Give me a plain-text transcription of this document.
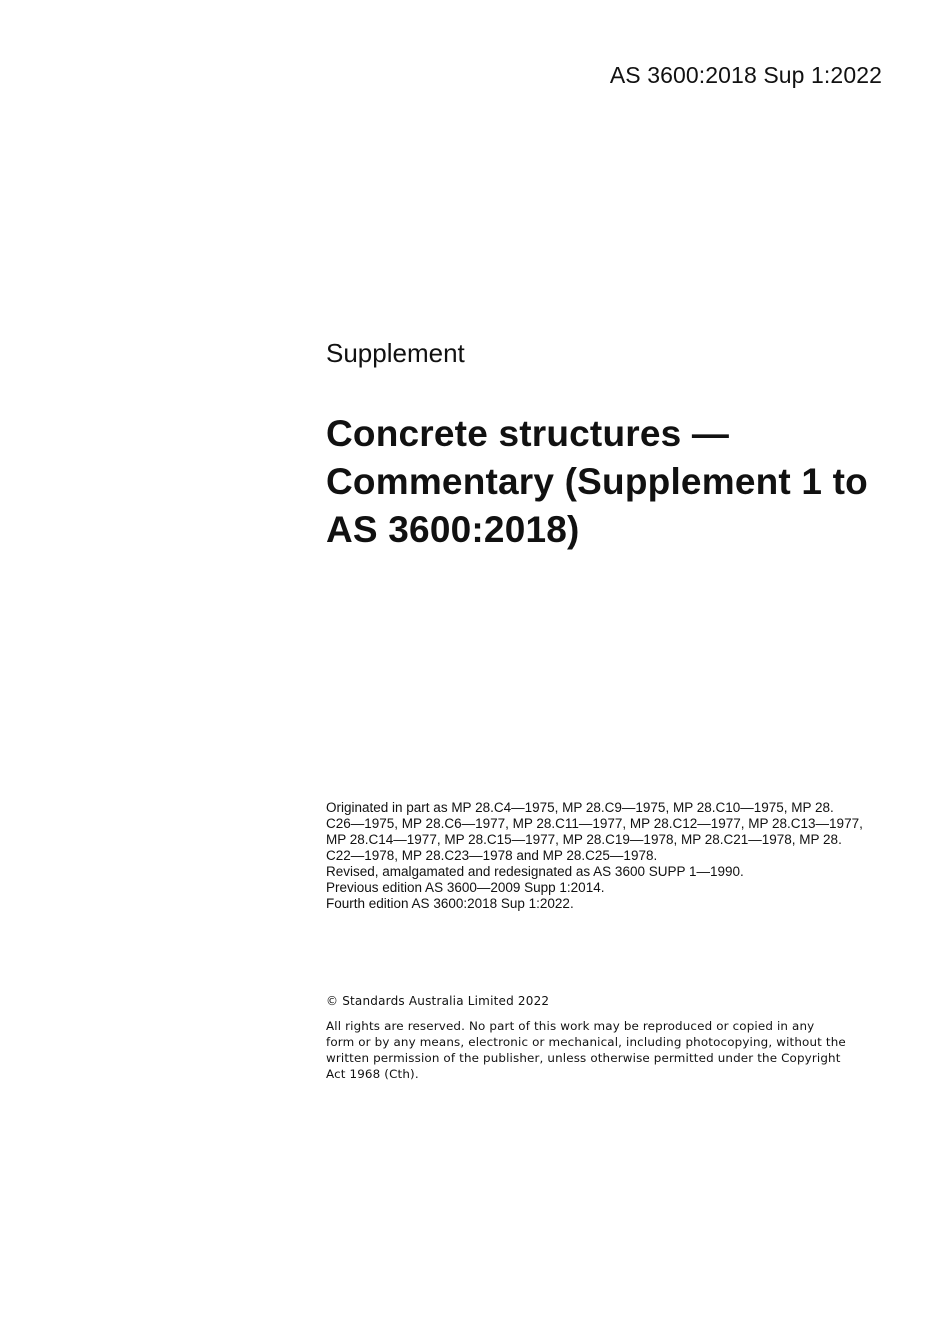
AS 3600:2018 Sup 1:2022
Supplement
Concrete structures —
Commentary (Supplement 1 to
AS 3600:2018)
Originated in part as MP 28.C4—1975, MP 28.C9—1975, MP 28.C10—1975, MP 28.
C26—1975, MP 28.C6—1977, MP 28.C11—1977, MP 28.C12—1977, MP 28.C13—1977,
MP 28.C14—1977, MP 28.C15—1977, MP 28.C19—1978, MP 28.C21—1978, MP 28.
C22—1978, MP 28.C23—1978 and MP 28.C25—1978.
Revised, amalgamated and redesignated as AS 3600 SUPP 1—1990.
Previous edition AS 3600—2009 Supp 1:2014.
Fourth edition AS 3600:2018 Sup 1:2022.
© Standards Australia Limited 2022
All rights are reserved. No part of this work may be reproduced or copied in any
form or by any means, electronic or mechanical, including photocopying, without the
written permission of the publisher, unless otherwise permitted under the Copyright
Act 1968 (Cth).
